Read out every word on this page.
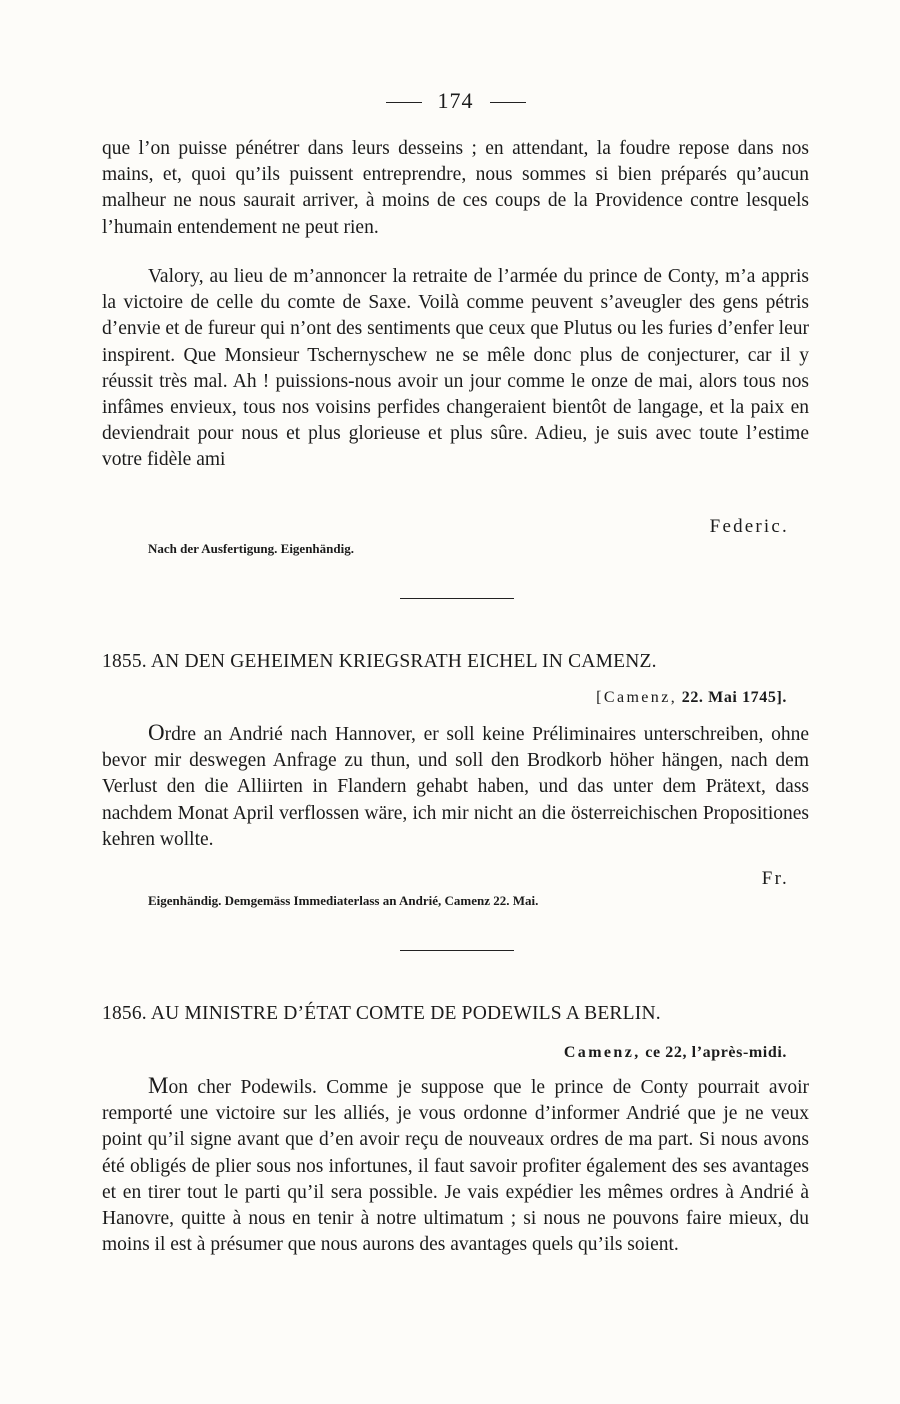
174

que l’on puisse pénétrer dans leurs desseins ; en attendant, la foudre repose dans nos mains, et, quoi qu’ils puissent entreprendre, nous sommes si bien préparés qu’aucun malheur ne nous saurait arriver, à moins de ces coups de la Providence contre lesquels l’humain entendement ne peut rien.

Valory, au lieu de m’annoncer la retraite de l’armée du prince de Conty, m’a appris la victoire de celle du comte de Saxe. Voilà comme peuvent s’aveugler des gens pétris d’envie et de fureur qui n’ont des sentiments que ceux que Plutus ou les furies d’enfer leur inspirent. Que Monsieur Tschernyschew ne se mêle donc plus de conjecturer, car il y réussit très mal. Ah ! puissions-nous avoir un jour comme le onze de mai, alors tous nos infâmes envieux, tous nos voisins perfides changeraient bientôt de langage, et la paix en deviendrait pour nous et plus glorieuse et plus sûre. Adieu, je suis avec toute l’estime votre fidèle ami

Federic.
Nach der Ausfertigung. Eigenhändig.
1855. AN DEN GEHEIMEN KRIEGSRATH EICHEL IN CAMENZ.
[Camenz, 22. Mai 1745].

Ordre an Andrié nach Hannover, er soll keine Préliminaires unterschreiben, ohne bevor mir deswegen Anfrage zu thun, und soll den Brodkorb höher hängen, nach dem Verlust den die Alliirten in Flandern gehabt haben, und das unter dem Prätext, dass nachdem Monat April verflossen wäre, ich mir nicht an die österreichischen Propositiones kehren wollte.

Fr.
Eigenhändig. Demgemäss Immediaterlass an Andrié, Camenz 22. Mai.
1856. AU MINISTRE D’ÉTAT COMTE DE PODEWILS A BERLIN.
Camenz, ce 22, l’après-midi.

Mon cher Podewils. Comme je suppose que le prince de Conty pourrait avoir remporté une victoire sur les alliés, je vous ordonne d’informer Andrié que je ne veux point qu’il signe avant que d’en avoir reçu de nouveaux ordres de ma part. Si nous avons été obligés de plier sous nos infortunes, il faut savoir profiter également des ses avantages et en tirer tout le parti qu’il sera possible. Je vais expédier les mêmes ordres à Andrié à Hanovre, quitte à nous en tenir à notre ultimatum ; si nous ne pouvons faire mieux, du moins il est à présumer que nous aurons des avantages quels qu’ils soient.
